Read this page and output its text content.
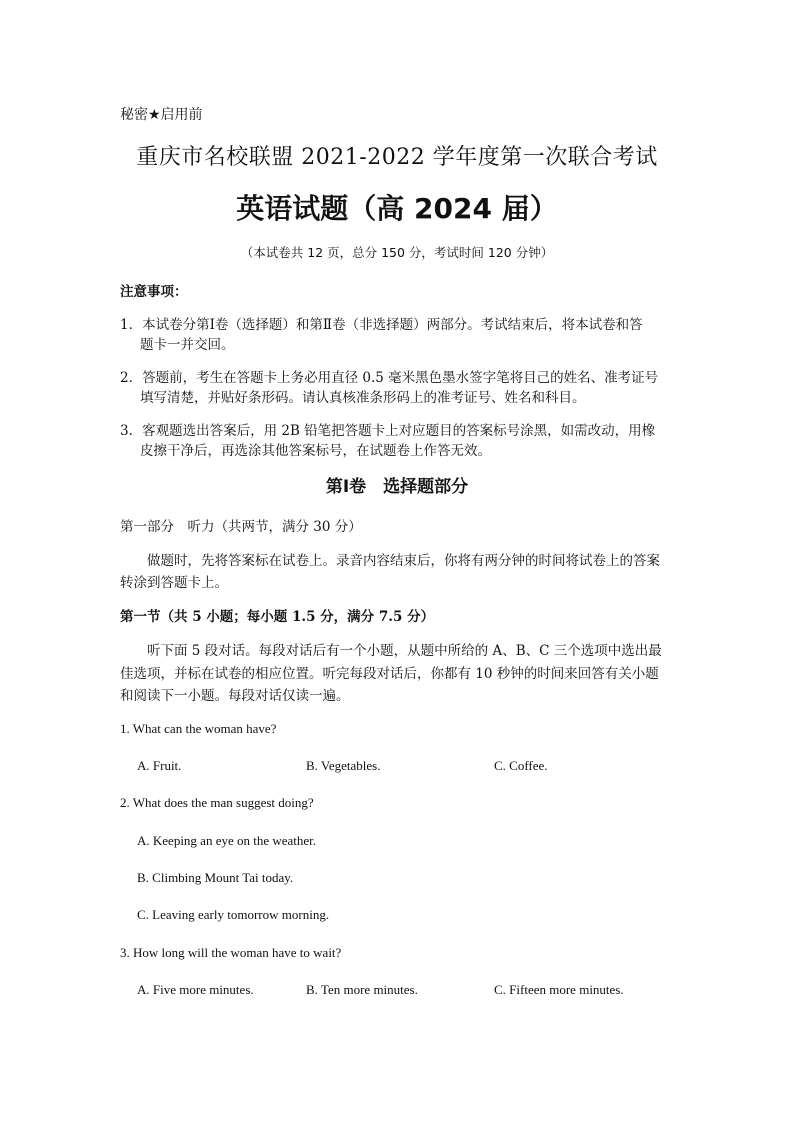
秘密★启用前
重庆市名校联盟 2021-2022 学年度第一次联合考试
英语试题（高 2024 届）
（本试卷共 12 页，总分 150 分，考试时间 120 分钟）
注意事项：
1．本试卷分第Ⅰ卷（选择题）和第Ⅱ卷（非选择题）两部分。考试结束后，将本试卷和答
题卡一并交回。
2．答题前，考生在答题卡上务必用直径 0.5 毫米黑色墨水签字笔将目己的姓名、准考证号
填写清楚，并贴好条形码。请认真核准条形码上的准考证号、姓名和科目。
3．客观题选出答案后，用 2B 铅笔把答题卡上对应题目的答案标号涂黑，如需改动，用橡
皮擦干净后，再选涂其他答案标号，在试题卷上作答无效。
第Ⅰ卷　选择题部分
第一部分　听力（共两节，满分 30 分）
做题时，先将答案标在试卷上。录音内容结束后，你将有两分钟的时间将试卷上的答案
转涂到答题卡上。
第一节（共 5 小题；每小题 1.5 分，满分 7.5 分）
听下面 5 段对话。每段对话后有一个小题，从题中所给的 A、B、C 三个选项中选出最
佳选项，并标在试卷的相应位置。听完每段对话后，你都有 10 秒钟的时间来回答有关小题
和阅读下一小题。每段对话仅读一遍。
1. What can the woman have?
A. Fruit.	B. Vegetables.	C. Coffee.
2. What does the man suggest doing?
A. Keeping an eye on the weather.
B. Climbing Mount Tai today.
C. Leaving early tomorrow morning.
3. How long will the woman have to wait?
A. Five more minutes.	B. Ten more minutes.	C. Fifteen more minutes.
